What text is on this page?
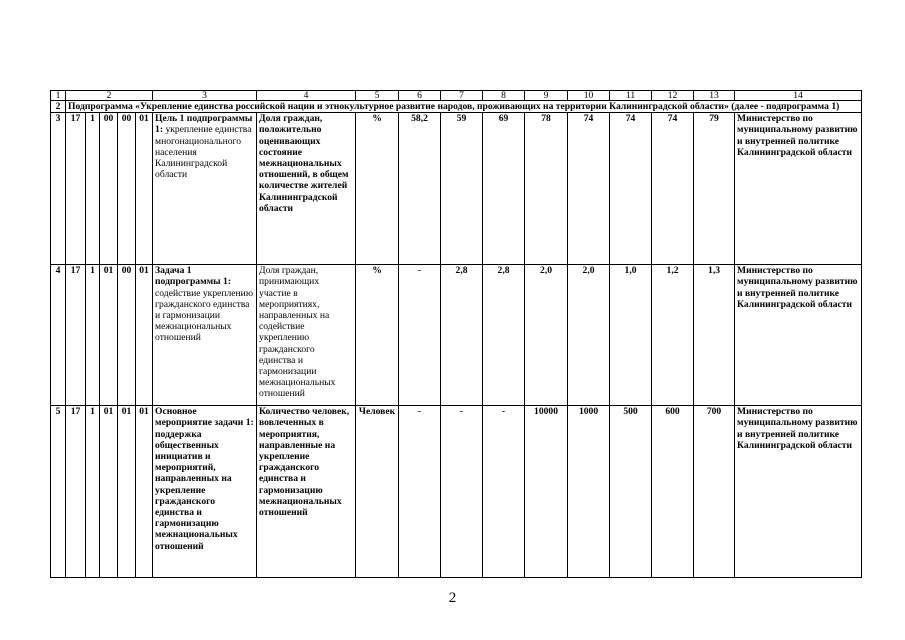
1	2					3	4	5	6	7	8	9	10	11	12	13	14
2	Подпрограмма «Укрепление единства российской нации и этнокультурное развитие народов, проживающих на территории Калининградской области» (далее - подпрограмма 1)																
3	17	1	00	00	01	Цель 1 подпрограммы 1: укрепление единства многонационального населения Калининградской области	Доля граждан, положительно оценивающих состояние межнациональных отношений, в общем количестве жителей Калининградской области	%	58,2	59	69	78	74	74	74	79	Министерство по муниципальному развитию и внутренней политике Калининградской области
4	17	1	01	00	01	Задача 1 подпрограммы 1: содействие укреплению гражданского единства и гармонизации межнациональных отношений	Доля граждан, принимающих участие в мероприятиях, направленных на содействие укреплению гражданского единства и гармонизации межнациональных отношений	%	-	2,8	2,8	2,0	2,0	1,0	1,2	1,3	Министерство по муниципальному развитию и внутренней политике Калининградской области
5	17	1	01	01	01	Основное мероприятие задачи 1: поддержка общественных инициатив и мероприятий, направленных на укрепление гражданского единства и гармонизацию межнациональных отношений	Количество человек, вовлеченных в мероприятия, направленные на укрепление гражданского единства и гармонизацию межнациональных отношений	Человек	-	-	-	10000	1000	500	600	700	Министерство по муниципальному развитию и внутренней политике Калининградской области
2
